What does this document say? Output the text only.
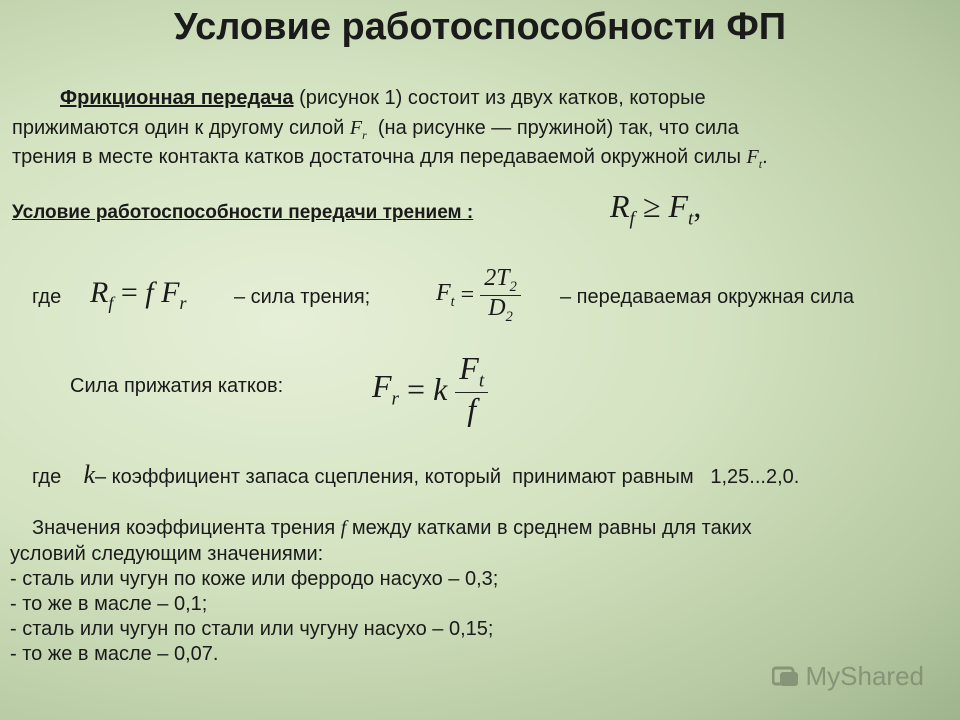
Условие работоспособности ФП
Фрикционная передача (рисунок 1) состоит из двух катков, которые
прижимаются один к другому силой $F_r$ (на рисунке — пружиной) так, что сила
трения в месте контакта катков достаточна для передаваемой окружной силы $F_t$.
Условие работоспособности передачи трением :	$R_f \ge F_t$,
где $R_f = f$ $F_r$ – сила трения;	$F_t = \frac{2T_2}{D_2}$ – передаваемая окружная сила
Сила прижатия катков:	$F_r = k \frac{F_t}{f}$
где k– коэффициент запаса сцепления, который принимают равным 1,25...2,0.
Значения коэффициента трения f между катками в среднем равны для таких
условий следующим значениями:
- сталь или чугун по коже или ферродо насухо – 0,3;
- то же в масле – 0,1;
- сталь или чугун по стали или чугуну насухо – 0,15;
- то же в масле – 0,07.
MyShared
